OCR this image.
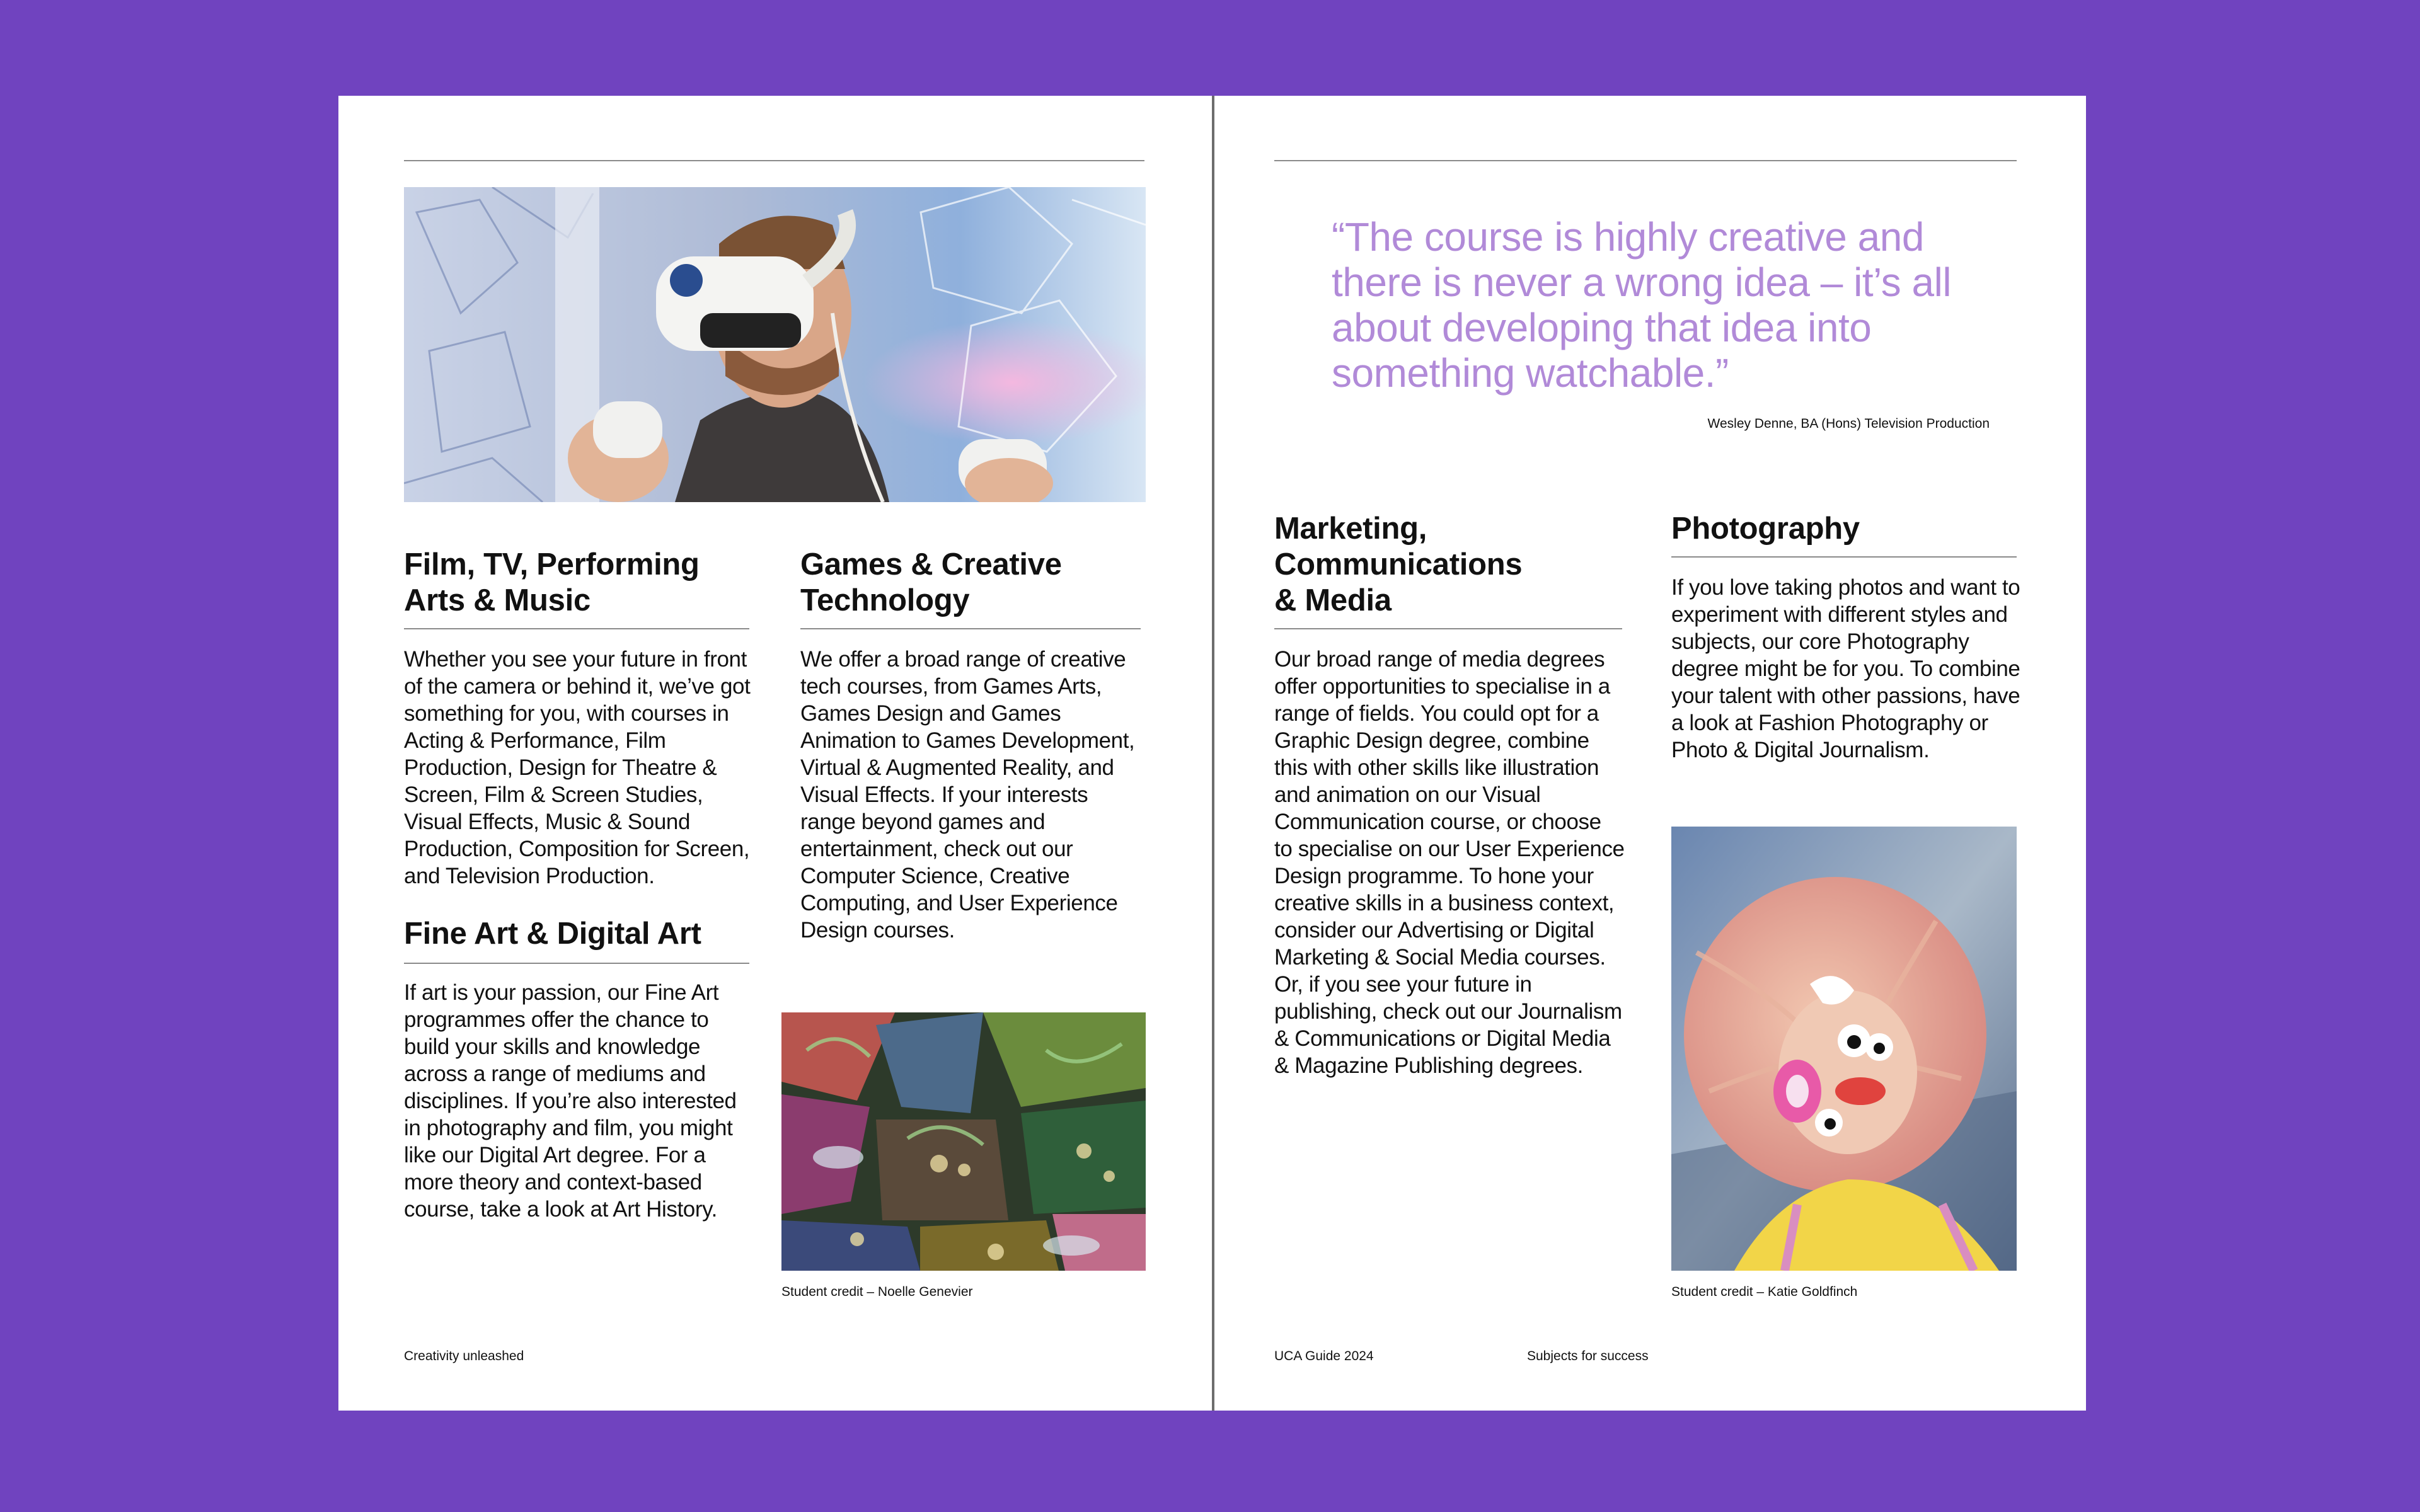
Film, TV, Performing Arts & Music
Whether you see your future in front of the camera or behind it, we’ve got something for you, with courses in Acting & Performance, Film Production, Design for Theatre & Screen, Film & Screen Studies, Visual Effects, Music & Sound Production, Composition for Screen, and Television Production.
Fine Art & Digital Art
If art is your passion, our Fine Art programmes offer the chance to build your skills and knowledge across a range of mediums and disciplines. If you’re also interested in photography and film, you might like our Digital Art degree. For a more theory and context-based course, take a look at Art History.
Games & Creative Technology
We offer a broad range of creative tech courses, from Games Arts, Games Design and Games Animation to Games Development, Virtual & Augmented Reality, and Visual Effects. If your interests range beyond games and entertainment, check out our Computer Science, Creative Computing, and User Experience Design courses.
Student credit – Noelle Genevier
Creativity unleashed
“The course is highly creative and there is never a wrong idea – it’s all about developing that idea into something watchable.”
Wesley Denne, BA (Hons) Television Production
Marketing, Communications & Media
Our broad range of media degrees offer opportunities to specialise in a range of fields. You could opt for a Graphic Design degree, combine this with other skills like illustration and animation on our Visual Communication course, or choose to specialise on our User Experience Design programme. To hone your creative skills in a business context, consider our Advertising or Digital Marketing & Social Media courses. Or, if you see your future in publishing, check out our Journalism & Communications or Digital Media & Magazine Publishing degrees.
Photography
If you love taking photos and want to experiment with different styles and subjects, our core Photography degree might be for you. To combine your talent with other passions, have a look at Fashion Photography or Photo & Digital Journalism.
Student credit – Katie Goldfinch
UCA Guide 2024	Subjects for success
